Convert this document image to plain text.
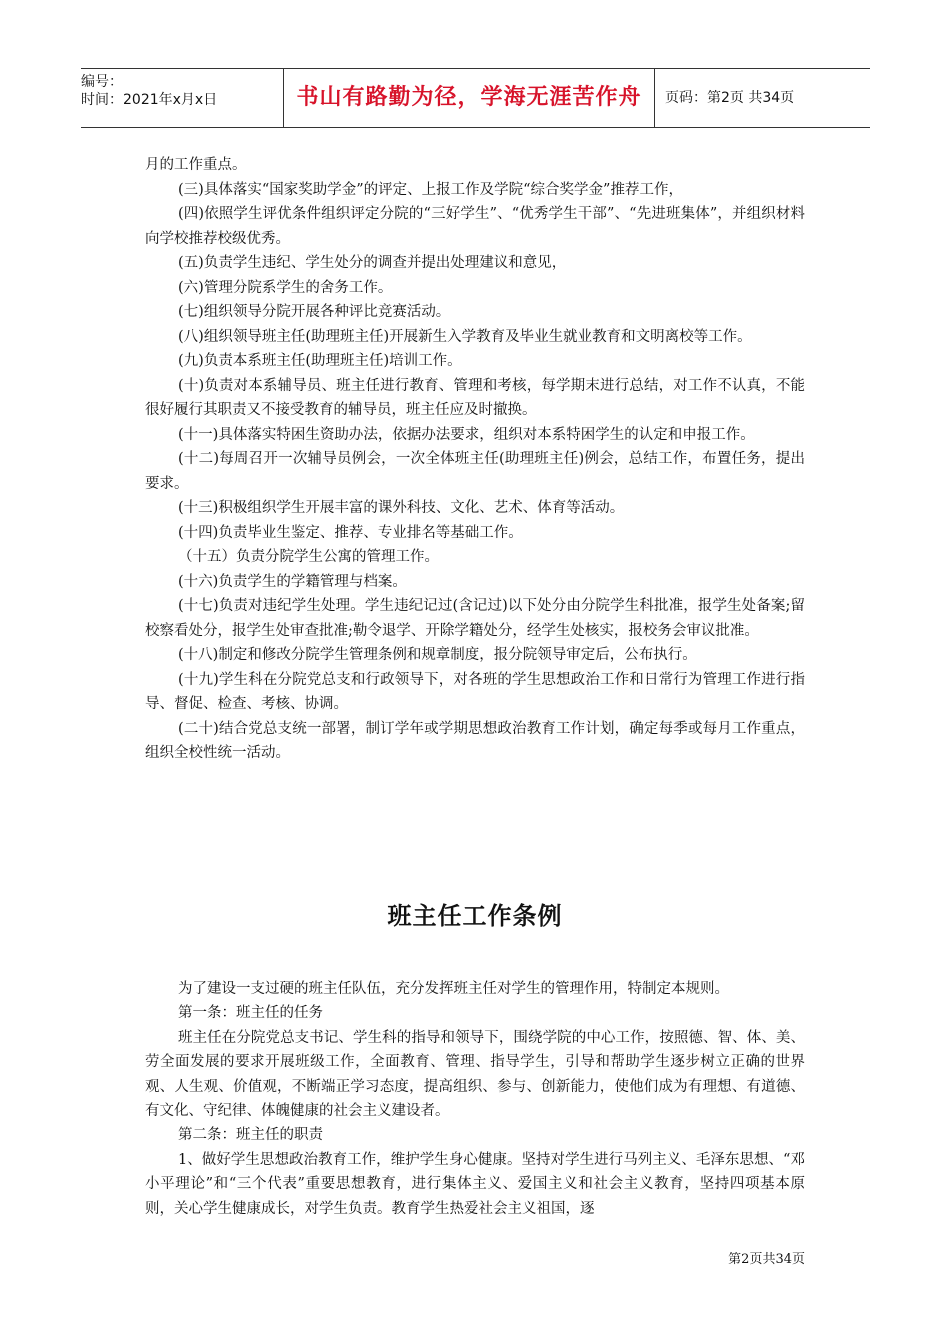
编号：
时间：2021年x月x日	书山有路勤为径，学海无涯苦作舟	页码：第2页 共34页

月的工作重点。

(三)具体落实“国家奖助学金”的评定、上报工作及学院“综合奖学金”推荐工作，

(四)依照学生评优条件组织评定分院的“三好学生”、“优秀学生干部”、“先进班集体”，并组织材料向学校推荐校级优秀。

(五)负责学生违纪、学生处分的调查并提出处理建议和意见，

(六)管理分院系学生的舍务工作。

(七)组织领导分院开展各种评比竞赛活动。

(八)组织领导班主任(助理班主任)开展新生入学教育及毕业生就业教育和文明离校等工作。

(九)负责本系班主任(助理班主任)培训工作。

(十)负责对本系辅导员、班主任进行教育、管理和考核，每学期末进行总结，对工作不认真，不能很好履行其职责又不接受教育的辅导员，班主任应及时撤换。

(十一)具体落实特困生资助办法，依据办法要求，组织对本系特困学生的认定和申报工作。

(十二)每周召开一次辅导员例会，一次全体班主任(助理班主任)例会，总结工作，布置任务，提出要求。

(十三)积极组织学生开展丰富的课外科技、文化、艺术、体育等活动。

(十四)负责毕业生鉴定、推荐、专业排名等基础工作。

（十五）负责分院学生公寓的管理工作。

(十六)负责学生的学籍管理与档案。

(十七)负责对违纪学生处理。学生违纪记过(含记过)以下处分由分院学生科批准，报学生处备案;留校察看处分，报学生处审查批准;勒令退学、开除学籍处分，经学生处核实，报校务会审议批准。

(十八)制定和修改分院学生管理条例和规章制度，报分院领导审定后，公布执行。

(十九)学生科在分院党总支和行政领导下，对各班的学生思想政治工作和日常行为管理工作进行指导、督促、检查、考核、协调。

(二十)结合党总支统一部署，制订学年或学期思想政治教育工作计划，确定每季或每月工作重点，组织全校性统一活动。

班主任工作条例

为了建设一支过硬的班主任队伍，充分发挥班主任对学生的管理作用，特制定本规则。

第一条：班主任的任务

班主任在分院党总支书记、学生科的指导和领导下，围绕学院的中心工作，按照德、智、体、美、劳全面发展的要求开展班级工作，全面教育、管理、指导学生，引导和帮助学生逐步树立正确的世界观、人生观、价值观，不断端正学习态度，提高组织、参与、创新能力，使他们成为有理想、有道德、有文化、守纪律、体魄健康的社会主义建设者。

第二条：班主任的职责

1、做好学生思想政治教育工作，维护学生身心健康。坚持对学生进行马列主义、毛泽东思想、“邓小平理论”和“三个代表”重要思想教育，进行集体主义、爱国主义和社会主义教育，坚持四项基本原则，关心学生健康成长，对学生负责。教育学生热爱社会主义祖国，逐

第2页共34页
